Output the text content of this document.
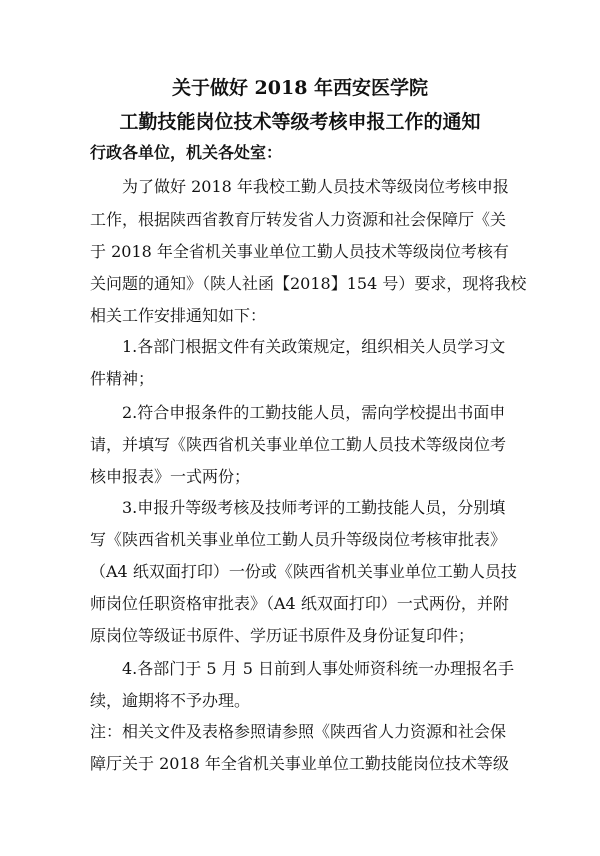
关于做好 2018 年西安医学院
工勤技能岗位技术等级考核申报工作的通知
行政各单位，机关各处室：
　　为了做好 2018 年我校工勤人员技术等级岗位考核申报
工作，根据陕西省教育厅转发省人力资源和社会保障厅《关
于 2018 年全省机关事业单位工勤人员技术等级岗位考核有
关问题的通知》（陕人社函【2018】154 号）要求，现将我校
相关工作安排通知如下：
　　1.各部门根据文件有关政策规定，组织相关人员学习文
件精神；
　　2.符合申报条件的工勤技能人员，需向学校提出书面申
请，并填写《陕西省机关事业单位工勤人员技术等级岗位考
核申报表》一式两份；
　　3.申报升等级考核及技师考评的工勤技能人员，分别填
写《陕西省机关事业单位工勤人员升等级岗位考核审批表》
（A4 纸双面打印）一份或《陕西省机关事业单位工勤人员技
师岗位任职资格审批表》（A4 纸双面打印）一式两份，并附
原岗位等级证书原件、学历证书原件及身份证复印件；
　　4.各部门于 5 月 5 日前到人事处师资科统一办理报名手
续，逾期将不予办理。
注：相关文件及表格参照请参照《陕西省人力资源和社会保
障厅关于 2018 年全省机关事业单位工勤技能岗位技术等级
